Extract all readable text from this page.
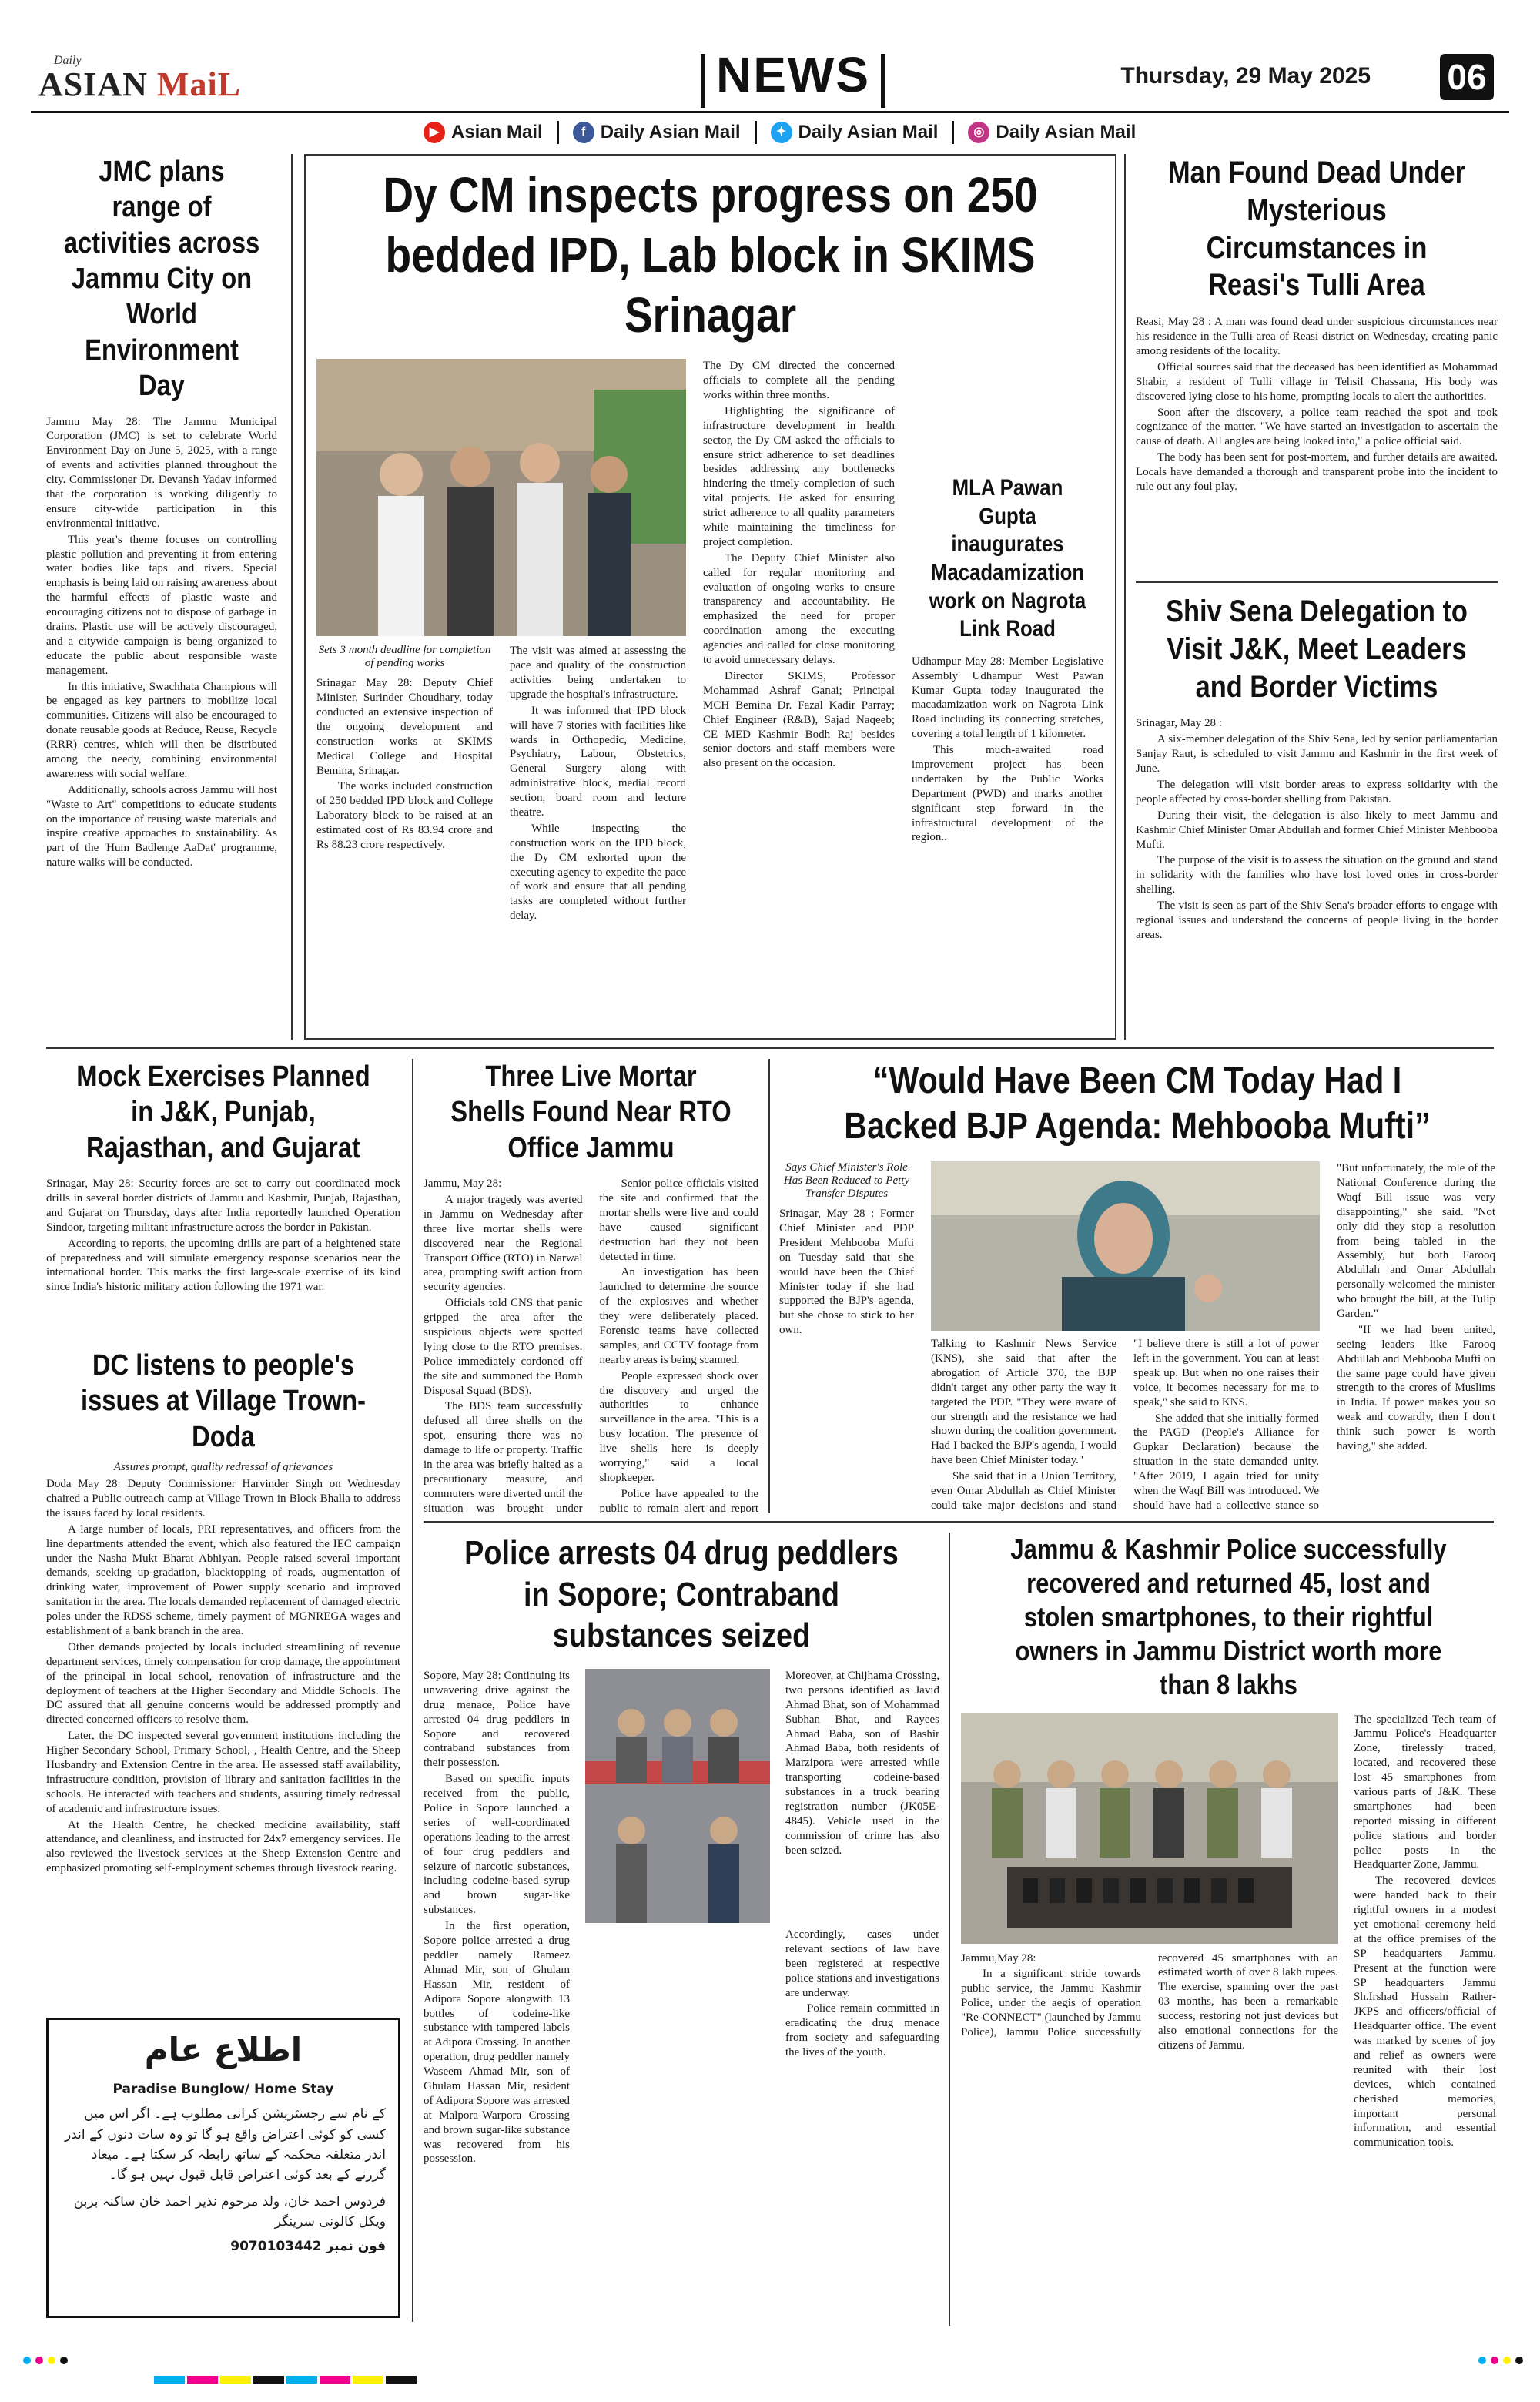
Daily
ASIAN MaiL	NEWS	Thursday, 29 May 2025 06
▶ Asian Mail	f Daily Asian Mail	✦ Daily Asian Mail	◎ Daily Asian Mail
JMC plans range of activities across Jammu City on World Environment Day

Jammu May 28: The Jammu Municipal Corporation (JMC) is set to celebrate World Environment Day on June 5, 2025, with a range of events and activities planned throughout the city. Commissioner Dr. Devansh Yadav informed that the corporation is working diligently to ensure city-wide participation in this environmental initiative.

This year's theme focuses on controlling plastic pollution and preventing it from entering water bodies like taps and rivers. Special emphasis is being laid on raising awareness about the harmful effects of plastic waste and encouraging citizens not to dispose of garbage in drains. Plastic use will be actively discouraged, and a citywide campaign is being organized to educate the public about responsible waste management.

In this initiative, Swachhata Champions will be engaged as key partners to mobilize local communities. Citizens will also be encouraged to donate reusable goods at Reduce, Reuse, Recycle (RRR) centres, which will then be distributed among the needy, combining environmental awareness with social welfare.

Additionally, schools across Jammu will host "Waste to Art" competitions to educate students on the importance of reusing waste materials and inspire creative approaches to sustainability. As part of the 'Hum Badlenge AaDat' programme, nature walks will be conducted.

Dy CM inspects progress on 250 bedded IPD, Lab block in SKIMS Srinagar
Sets 3 month deadline for completion of pending works

Srinagar May 28: Deputy Chief Minister, Surinder Choudhary, today conducted an extensive inspection of the ongoing development and construction works at SKIMS Medical College and Hospital Bemina, Srinagar.

The works included construction of 250 bedded IPD block and College Laboratory block to be raised at an estimated cost of Rs 83.94 crore and Rs 88.23 crore respectively.

The visit was aimed at assessing the pace and quality of the construction activities being undertaken to upgrade the hospital's infrastructure.

It was informed that IPD block will have 7 stories with facilities like wards in Orthopedic, Medicine, Psychiatry, Labour, Obstetrics, General Surgery along with administrative block, medial record section, board room and lecture theatre.

While inspecting the construction work on the IPD block, the Dy CM exhorted upon the executing agency to expedite the pace of work and ensure that all pending tasks are completed without further delay.

The Dy CM directed the concerned officials to complete all the pending works within three months.

Highlighting the significance of infrastructure development in health sector, the Dy CM asked the officials to ensure strict adherence to set deadlines besides addressing any bottlenecks hindering the timely completion of such vital projects. He asked for ensuring strict adherence to all quality parameters while maintaining the timeliness for project completion.

The Deputy Chief Minister also called for regular monitoring and evaluation of ongoing works to ensure transparency and accountability. He emphasized the need for proper coordination among the executing agencies and called for close monitoring to avoid unnecessary delays.

Director SKIMS, Professor Mohammad Ashraf Ganai; Principal MCH Bemina Dr. Fazal Kadir Parray; Chief Engineer (R&B), Sajad Naqeeb; CE MED Kashmir Bodh Raj besides senior doctors and staff members were also present on the occasion.

MLA Pawan Gupta inaugurates Macadamization work on Nagrota Link Road

Udhampur May 28: Member Legislative Assembly Udhampur West Pawan Kumar Gupta today inaugurated the macadamization work on Nagrota Link Road including its connecting stretches, covering a total length of 1 kilometer.

This much-awaited road improvement project has been undertaken by the Public Works Department (PWD) and marks another significant step forward in the infrastructural development of the region..

Man Found Dead Under Mysterious Circumstances in Reasi's Tulli Area

Reasi, May 28 : A man was found dead under suspicious circumstances near his residence in the Tulli area of Reasi district on Wednesday, creating panic among residents of the locality.

Official sources said that the deceased has been identified as Mohammad Shabir, a resident of Tulli village in Tehsil Chassana, His body was discovered lying close to his home, prompting locals to alert the authorities.

Soon after the discovery, a police team reached the spot and took cognizance of the matter. "We have started an investigation to ascertain the cause of death. All angles are being looked into," a police official said.

The body has been sent for post-mortem, and further details are awaited. Locals have demanded a thorough and transparent probe into the incident to rule out any foul play.

Shiv Sena Delegation to Visit J&K, Meet Leaders and Border Victims

Srinagar, May 28 :

A six-member delegation of the Shiv Sena, led by senior parliamentarian Sanjay Raut, is scheduled to visit Jammu and Kashmir in the first week of June.

The delegation will visit border areas to express solidarity with the people affected by cross-border shelling from Pakistan.

During their visit, the delegation is also likely to meet Jammu and Kashmir Chief Minister Omar Abdullah and former Chief Minister Mehbooba Mufti.

The purpose of the visit is to assess the situation on the ground and stand in solidarity with the families who have lost loved ones in cross-border shelling.

The visit is seen as part of the Shiv Sena's broader efforts to engage with regional issues and understand the concerns of people living in the border areas.

Mock Exercises Planned in J&K, Punjab, Rajasthan, and Gujarat

Srinagar, May 28: Security forces are set to carry out coordinated mock drills in several border districts of Jammu and Kashmir, Punjab, Rajasthan, and Gujarat on Thursday, days after India reportedly launched Operation Sindoor, targeting militant infrastructure across the border in Pakistan.

According to reports, the upcoming drills are part of a heightened state of preparedness and will simulate emergency response scenarios near the international border. This marks the first large-scale exercise of its kind since India's historic military action following the 1971 war.

DC listens to people's issues at Village Trown- Doda
Assures prompt, quality redressal of grievances

Doda May 28: Deputy Commissioner Harvinder Singh on Wednesday chaired a Public outreach camp at Village Trown in Block Bhalla to address the issues faced by local residents.

A large number of locals, PRI representatives, and officers from the line departments attended the event, which also featured the IEC campaign under the Nasha Mukt Bharat Abhiyan. People raised several important demands, seeking up-gradation, blacktopping of roads, augmentation of drinking water, improvement of Power supply scenario and improved sanitation in the area. The locals demanded replacement of damaged electric poles under the RDSS scheme, timely payment of MGNREGA wages and establishment of a bank branch in the area.

Other demands projected by locals included streamlining of revenue department services, timely compensation for crop damage, the appointment of the principal in local school, renovation of infrastructure and the deployment of teachers at the Higher Secondary and Middle Schools. The DC assured that all genuine concerns would be addressed promptly and directed concerned officers to resolve them.

Later, the DC inspected several government institutions including the Higher Secondary School, Primary School, , Health Centre, and the Sheep Husbandry and Extension Centre in the area. He assessed staff availability, infrastructure condition, provision of library and sanitation facilities in the schools. He interacted with teachers and students, assuring timely redressal of academic and infrastructure issues.

At the Health Centre, he checked medicine availability, staff attendance, and cleanliness, and instructed for 24x7 emergency services. He also reviewed the livestock services at the Sheep Extension Centre and emphasized promoting self-employment schemes through livestock rearing.

اطلاع عام
Paradise Bunglow/ Home Stay
کے نام سے رجسٹریشن کرانی مطلوب ہے۔ اگر اس میں کسی کو کوئی اعتراض واقع ہو گا تو وہ سات دنوں کے اندر اندر متعلقہ محکمہ کے ساتھ رابطہ کر سکتا ہے۔ میعاد گزرنے کے بعد کوئی اعتراض قابل قبول نہیں ہو گا۔
فردوس احمد خان، ولد مرحوم نذیر احمد خان ساکنہ بربن ویکل کالونی سرینگر
فون نمبر 9070103442
Three Live Mortar Shells Found Near RTO Office Jammu

Jammu, May 28:

A major tragedy was averted in Jammu on Wednesday after three live mortar shells were discovered near the Regional Transport Office (RTO) in Narwal area, prompting swift action from security agencies.

Officials told CNS that panic gripped the area after the suspicious objects were spotted lying close to the RTO premises. Police immediately cordoned off the site and summoned the Bomb Disposal Squad (BDS).

The BDS team successfully defused all three shells on the spot, ensuring there was no damage to life or property. Traffic in the area was briefly halted as a precautionary measure, and commuters were diverted until the situation was brought under

Senior police officials visited the site and confirmed that the mortar shells were live and could have caused significant destruction had they not been detected in time.

An investigation has been launched to determine the source of the explosives and whether they were deliberately placed. Forensic teams have collected samples, and CCTV footage from nearby areas is being scanned.

People expressed shock over the discovery and urged the authorities to enhance surveillance in the area. "This is a busy location. The presence of live shells here is deeply worrying," said a local shopkeeper.

Police have appealed to the public to remain alert and report

“Would Have Been CM Today Had I Backed BJP Agenda: Mehbooba Mufti”
Says Chief Minister's Role Has Been Reduced to Petty Transfer Disputes

Srinagar, May 28 : Former Chief Minister and PDP President Mehbooba Mufti on Tuesday said that she would have been the Chief Minister today if she had supported the BJP's agenda, but she chose to stick to her own.

Talking to Kashmir News Service (KNS), she said that after the abrogation of Article 370, the BJP didn't target any other party the way it targeted the PDP. "They were aware of our strength and the resistance we had shown during the coalition government. Had I backed the BJP's agenda, I would have been Chief Minister today."

She said that in a Union Territory, even Omar Abdullah as Chief Minister could take major decisions and stand

"I believe there is still a lot of power left in the government. You can at least speak up. But when no one raises their voice, it becomes necessary for me to speak," she said to KNS.

She added that she initially formed the PAGD (People's Alliance for Gupkar Declaration) because the situation in the state demanded unity. "After 2019, I again tried for unity when the Waqf Bill was introduced. We should have had a collective stance so

"But unfortunately, the role of the National Conference during the Waqf Bill issue was very disappointing," she said. "Not only did they stop a resolution from being tabled in the Assembly, but both Farooq Abdullah and Omar Abdullah personally welcomed the minister who brought the bill, at the Tulip Garden."

"If we had been united, seeing leaders like Farooq Abdullah and Mehbooba Mufti on the same page could have given strength to the crores of Muslims in India. If power makes you so weak and cowardly, then I don't think such power is worth having," she added.

Police arrests 04 drug peddlers in Sopore; Contraband substances seized

Sopore, May 28: Continuing its unwavering drive against the drug menace, Police have arrested 04 drug peddlers in Sopore and recovered contraband substances from their possession.

Based on specific inputs received from the public, Police in Sopore launched a series of well-coordinated operations leading to the arrest of four drug peddlers and seizure of narcotic substances, including codeine-based syrup and brown sugar-like substances.

In the first operation, Sopore police arrested a drug peddler namely Rameez Ahmad Mir, son of Ghulam Hassan Mir, resident of Adipora Sopore alongwith 13 bottles of codeine-like substance with tampered labels at Adipora Crossing. In another operation, drug peddler namely Waseem Ahmad Mir, son of Ghulam Hassan Mir, resident of Adipora Sopore was arrested at Malpora-Warpora Crossing and brown sugar-like substance was recovered from his possession.

Moreover, at Chijhama Crossing, two persons identified as Javid Ahmad Bhat, son of Mohammad Subhan Bhat, and Rayees Ahmad Baba, son of Bashir Ahmad Baba, both residents of Marzipora were arrested while transporting codeine-based substances in a truck bearing registration number (JK05E-4845). Vehicle used in the commission of crime has also been seized.

Accordingly, cases under relevant sections of law have been registered at respective police stations and investigations are underway.

Police remain committed in eradicating the drug menace from society and safeguarding the lives of the youth.

Jammu & Kashmir Police successfully recovered and returned 45, lost and stolen smartphones, to their rightful owners in Jammu District worth more than 8 lakhs

Jammu,May 28:

In a significant stride towards public service, the Jammu Kashmir Police, under the aegis of operation "Re-CONNECT" (launched by Jammu Police), Jammu Police successfully recovered 45 smartphones with an estimated worth of over 8 lakh rupees. The exercise, spanning over the past 03 months, has been a remarkable success, restoring not just devices but also emotional connections for the citizens of Jammu.

The specialized Tech team of Jammu Police's Headquarter Zone, tirelessly traced, located, and recovered these lost 45 smartphones from various parts of J&K. These smartphones had been reported missing in different police stations and border police posts in the Headquarter Zone, Jammu.

The recovered devices were handed back to their rightful owners in a modest yet emotional ceremony held at the office premises of the SP headquarters Jammu. Present at the function were SP headquarters Jammu Sh.Irshad Hussain Rather-JKPS and officers/official of Headquarter office. The event was marked by scenes of joy and relief as owners were reunited with their lost devices, which contained cherished memories, important personal information, and essential communication tools.
